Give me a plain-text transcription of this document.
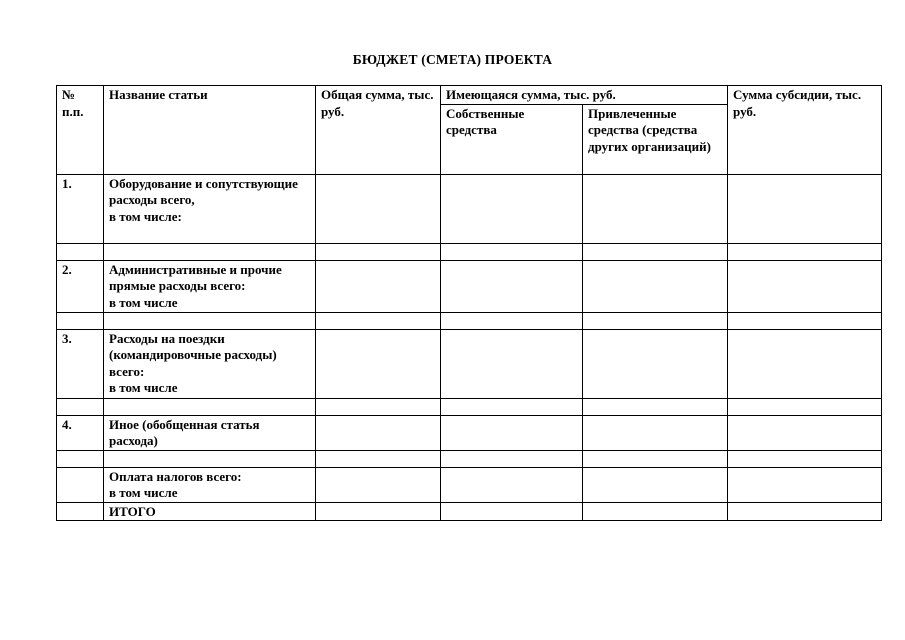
БЮДЖЕТ (СМЕТА) ПРОЕКТА
№ п.п.	Название статьи	Общая сумма, тыс. руб.	Имеющаяся сумма, тыс. руб.		Сумма субсидии, тыс. руб.
			Собственные средства	Привлеченные средства (средства других организаций)	
1.	Оборудование и сопутствующие расходы всего,
в том числе:				

2.	Административные и прочие прямые расходы всего:
в том числе				

3.	Расходы на поездки (командировочные расходы) всего:
в том числе				

4.	Иное (обобщенная статья расхода)				

	Оплата налогов всего:
в том числе				
	ИТОГО				
